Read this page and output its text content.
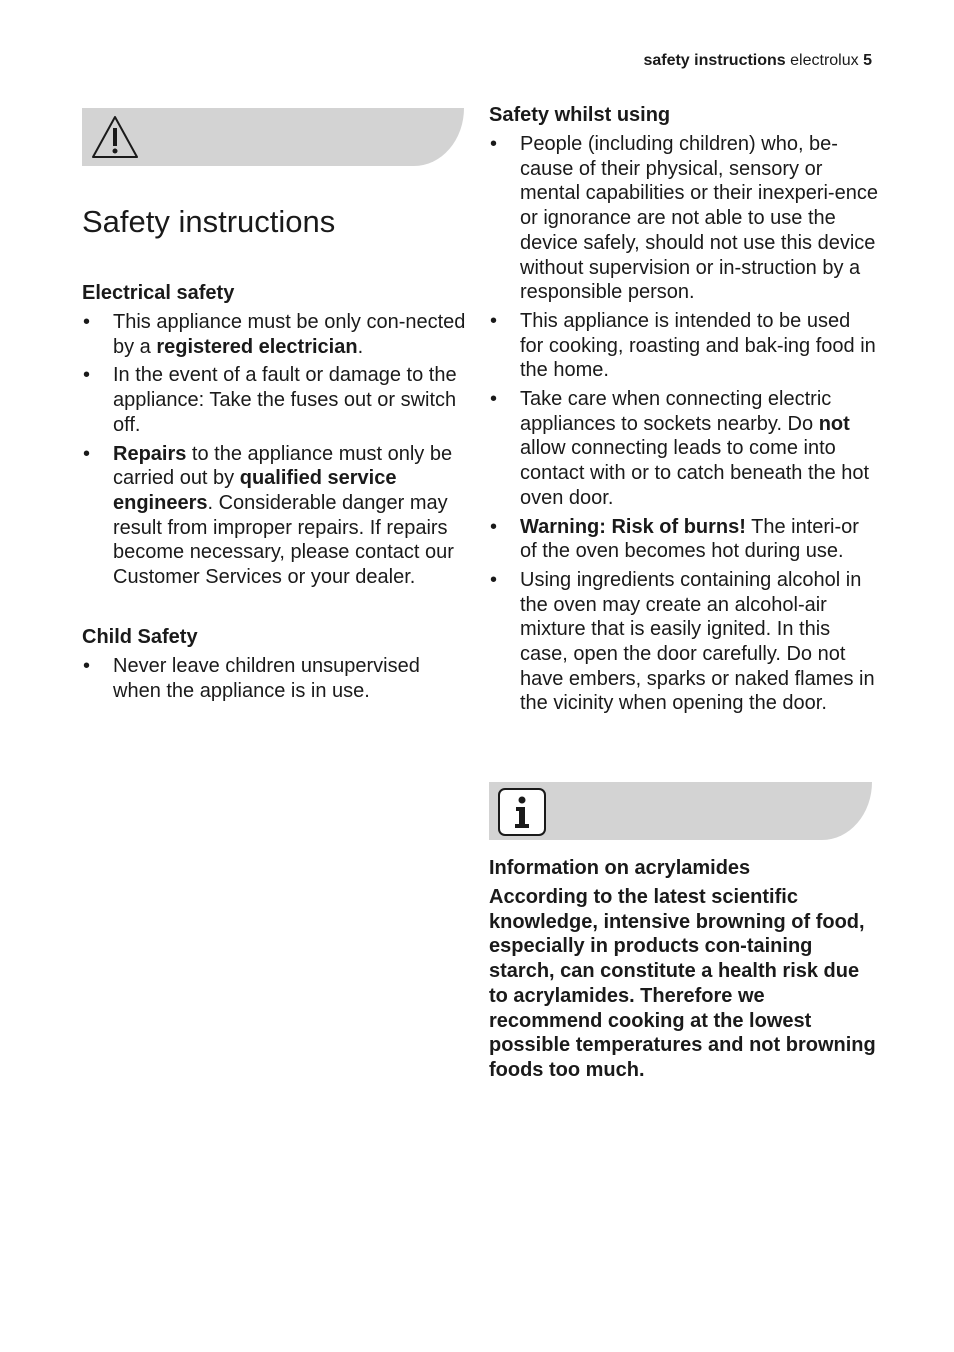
safety instructions electrolux 5
Safety instructions
Electrical safety
• This appliance must be only con-nected by a registered electrician.
• In the event of a fault or damage to the appliance: Take the fuses out or switch off.
• Repairs to the appliance must only be carried out by qualified service engineers. Considerable danger may result from improper repairs. If repairs become necessary, please contact our Customer Services or your dealer.
Child Safety
• Never leave children unsupervised when the appliance is in use.
Safety whilst using
• People (including children) who, be-cause of their physical, sensory or mental capabilities or their inexperi-ence or ignorance are not able to use the device safely, should not use this device without supervision or in-struction by a responsible person.
• This appliance is intended to be used for cooking, roasting and bak-ing food in the home.
• Take care when connecting electric appliances to sockets nearby. Do not allow connecting leads to come into contact with or to catch beneath the hot oven door.
• Warning: Risk of burns! The interi-or of the oven becomes hot during use.
• Using ingredients containing alcohol in the oven may create an alcohol-air mixture that is easily ignited. In this case, open the door carefully. Do not have embers, sparks or naked flames in the vicinity when opening the door.
Information on acrylamides

According to the latest scientific knowledge, intensive browning of food, especially in products con-taining starch, can constitute a health risk due to acrylamides. Therefore we recommend cooking at the lowest possible temperatures and not browning foods too much.
